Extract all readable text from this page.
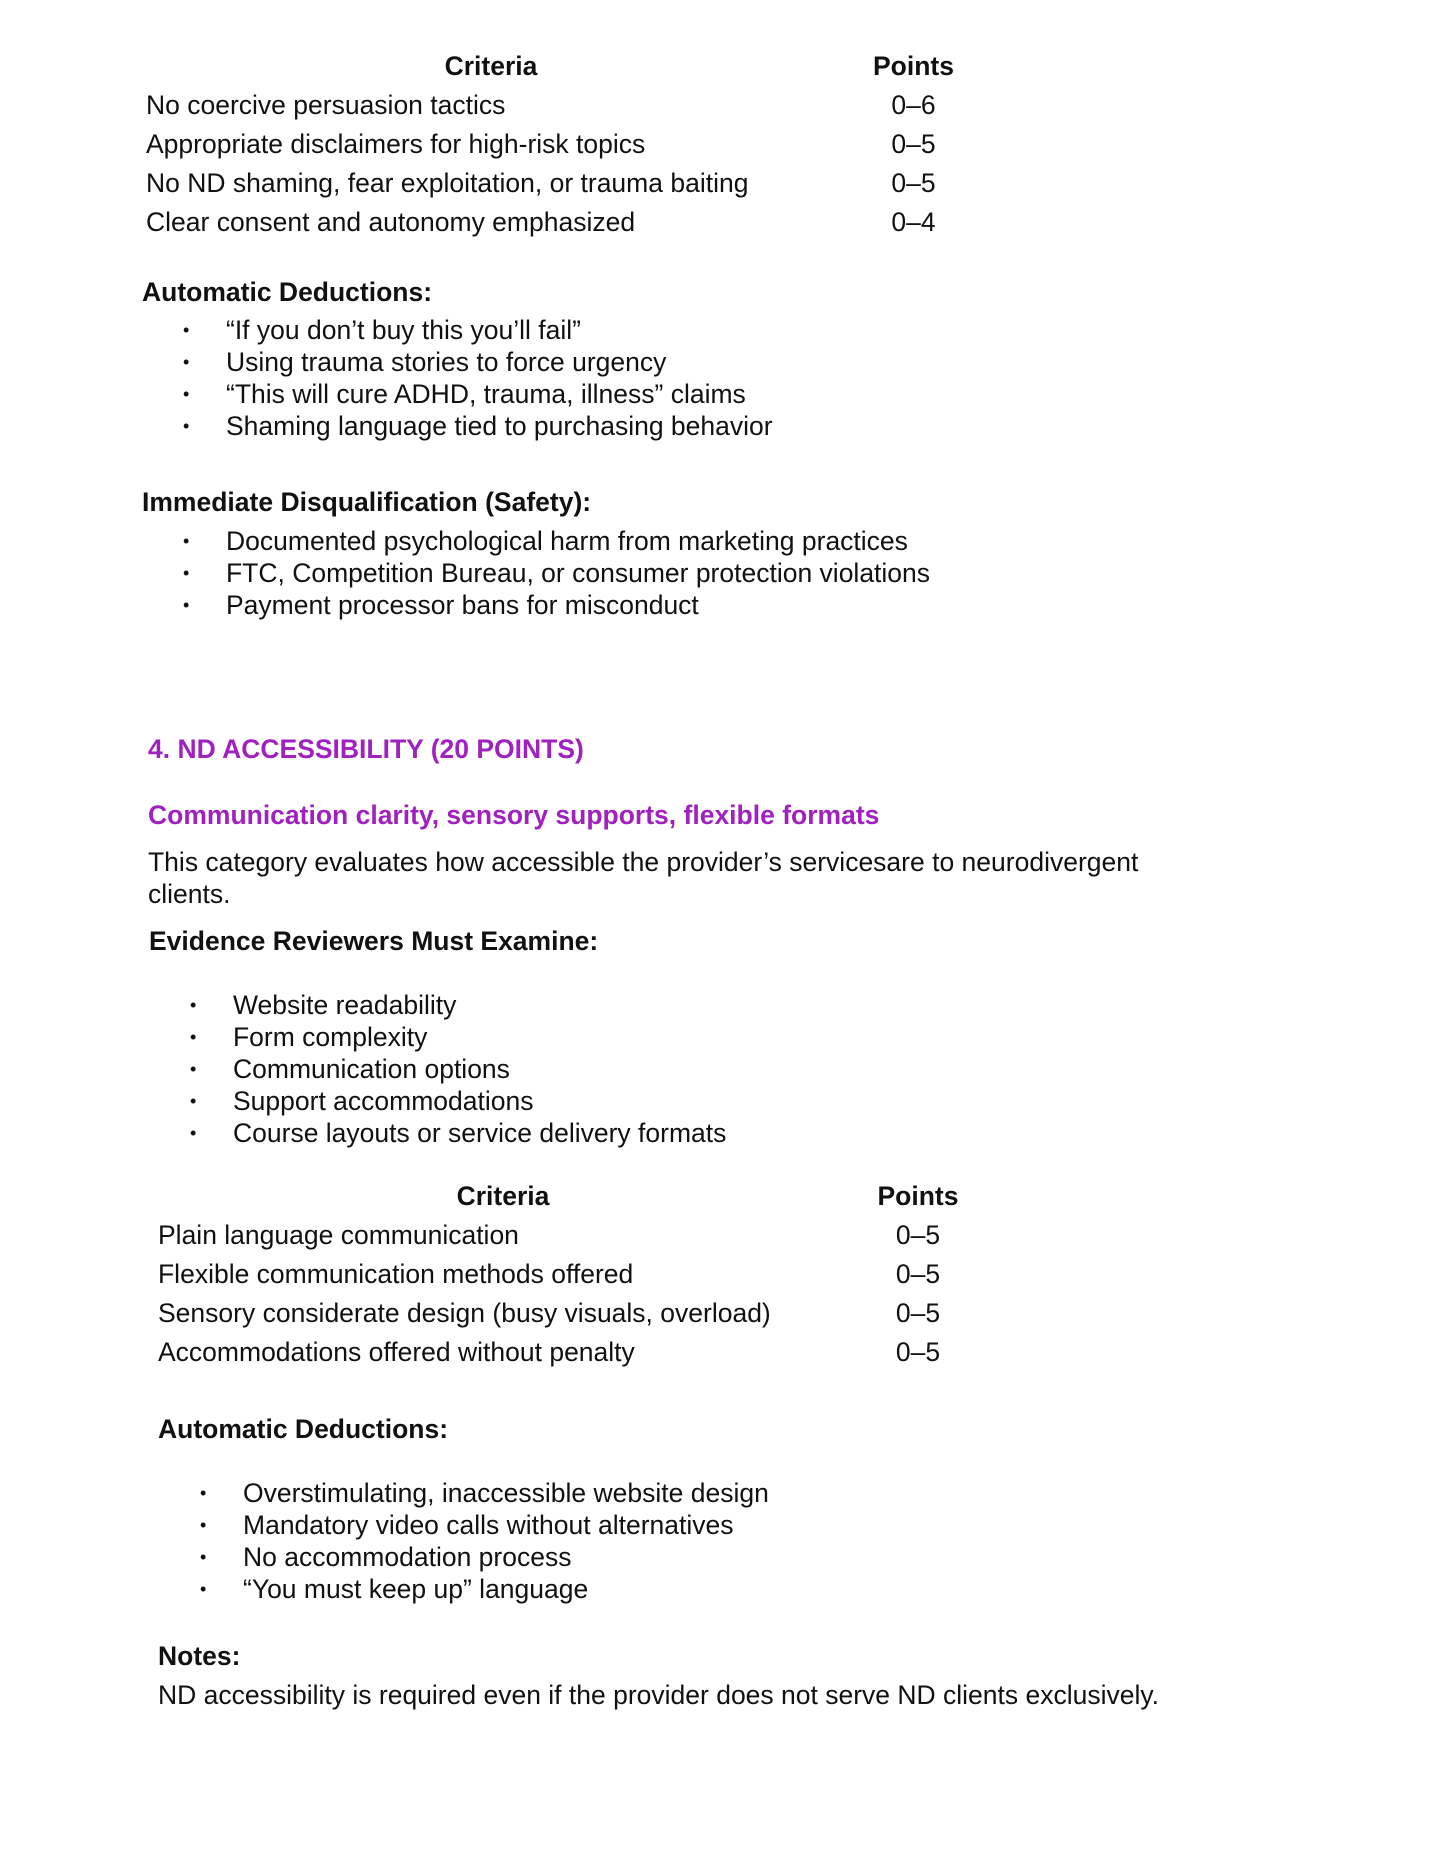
Criteria	Points
No coercive persuasion tactics	0–6
Appropriate disclaimers for high-risk topics	0–5
No ND shaming, fear exploitation, or trauma baiting	0–5
Clear consent and autonomy emphasized	0–4

Automatic Deductions:

• “If you don’t buy this you’ll fail”
• Using trauma stories to force urgency
• “This will cure ADHD, trauma, illness” claims
• Shaming language tied to purchasing behavior

Immediate Disqualification (Safety):

• Documented psychological harm from marketing practices
• FTC, Competition Bureau, or consumer protection violations
• Payment processor bans for misconduct

4. ND ACCESSIBILITY (20 POINTS)

Communication clarity, sensory supports, flexible formats

This category evaluates how accessible the provider’s servicesare to neurodivergent clients.

Evidence Reviewers Must Examine:

• Website readability
• Form complexity
• Communication options
• Support accommodations
• Course layouts or service delivery formats
Criteria	Points
Plain language communication	0–5
Flexible communication methods offered	0–5
Sensory considerate design (busy visuals, overload)	0–5
Accommodations offered without penalty	0–5

Automatic Deductions:

• Overstimulating, inaccessible website design
• Mandatory video calls without alternatives
• No accommodation process
• “You must keep up” language

Notes:

ND accessibility is required even if the provider does not serve ND clients exclusively.
